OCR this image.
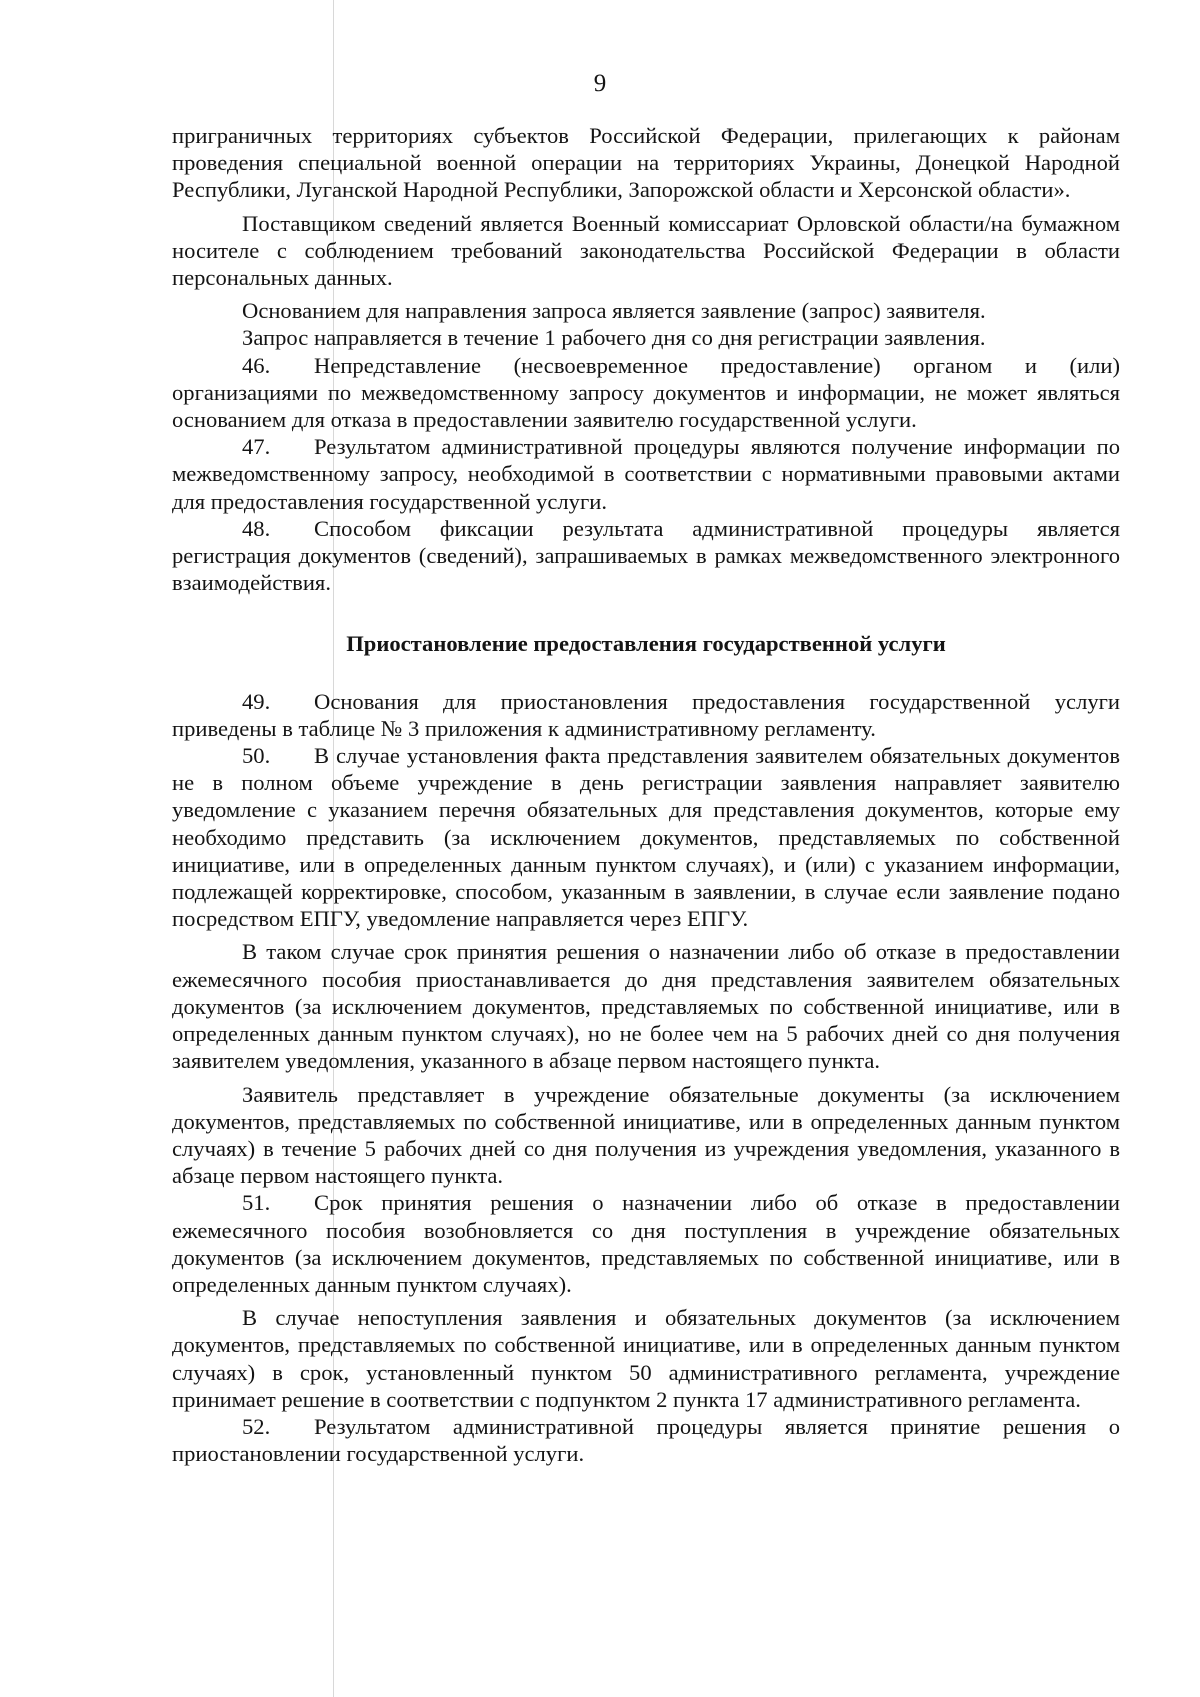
9

приграничных территориях субъектов Российской Федерации, прилегающих к районам проведения специальной военной операции на территориях Украины, Донецкой Народной Республики, Луганской Народной Республики, Запорожской области и Херсонской области».

Поставщиком сведений является Военный комиссариат Орловской области/на бумажном носителе с соблюдением требований законодательства Российской Федерации в области персональных данных.

Основанием для направления запроса является заявление (запрос) заявителя.

Запрос направляется в течение 1 рабочего дня со дня регистрации заявления.

46. Непредставление (несвоевременное предоставление) органом и (или) организациями по межведомственному запросу документов и информации, не может являться основанием для отказа в предоставлении заявителю государственной услуги.

47. Результатом административной процедуры являются получение информации по межведомственному запросу, необходимой в соответствии с нормативными правовыми актами для предоставления государственной услуги.

48. Способом фиксации результата административной процедуры является регистрация документов (сведений), запрашиваемых в рамках межведомственного электронного взаимодействия.

Приостановление предоставления государственной услуги

49. Основания для приостановления предоставления государственной услуги приведены в таблице № 3 приложения к административному регламенту.

50. В случае установления факта представления заявителем обязательных документов не в полном объеме учреждение в день регистрации заявления направляет заявителю уведомление с указанием перечня обязательных для представления документов, которые ему необходимо представить (за исключением документов, представляемых по собственной инициативе, или в определенных данным пунктом случаях), и (или) с указанием информации, подлежащей корректировке, способом, указанным в заявлении, в случае если заявление подано посредством ЕПГУ, уведомление направляется через ЕПГУ.

В таком случае срок принятия решения о назначении либо об отказе в предоставлении ежемесячного пособия приостанавливается до дня представления заявителем обязательных документов (за исключением документов, представляемых по собственной инициативе, или в определенных данным пунктом случаях), но не более чем на 5 рабочих дней со дня получения заявителем уведомления, указанного в абзаце первом настоящего пункта.

Заявитель представляет в учреждение обязательные документы (за исключением документов, представляемых по собственной инициативе, или в определенных данным пунктом случаях) в течение 5 рабочих дней со дня получения из учреждения уведомления, указанного в абзаце первом настоящего пункта.

51. Срок принятия решения о назначении либо об отказе в предоставлении ежемесячного пособия возобновляется со дня поступления в учреждение обязательных документов (за исключением документов, представляемых по собственной инициативе, или в определенных данным пунктом случаях).

В случае непоступления заявления и обязательных документов (за исключением документов, представляемых по собственной инициативе, или в определенных данным пунктом случаях) в срок, установленный пунктом 50 административного регламента, учреждение принимает решение в соответствии с подпунктом 2 пункта 17 административного регламента.

52. Результатом административной процедуры является принятие решения о приостановлении государственной услуги.
